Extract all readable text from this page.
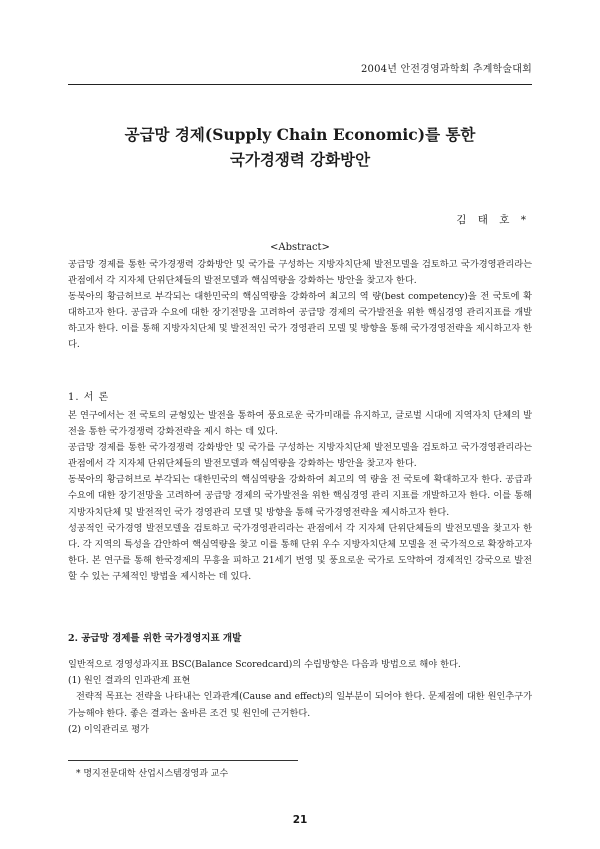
2004년 안전경영과학회 추계학술대회
공급망 경제(Supply Chain Economic)를 통한
국가경쟁력 강화방안
김 태 호 *
<Abstract>

공급망 경제를 통한 국가경쟁력 강화방안 및 국가를 구성하는 지방자치단체 발전모델을 검토하고 국가경영관리라는 관점에서 각 지자체 단위단체들의 발전모델과 핵심역량을 강화하는 방안을 찾고자 한다.

동북아의 황금허브로 부각되는 대한민국의 핵심역량을 강화하여 최고의 역 량(best competency)을 전 국토에 확대하고자 한다. 공급과 수요에 대한 장기전망을 고려하여 공급망 경제의 국가발전을 위한 핵심경영 관리지표를 개발하고자 한다. 이를 통해 지방자치단체 및 발전적인 국가 경영관리 모델 및 방향을 통해 국가경영전략을 제시하고자 한다.

1. 서 론

본 연구에서는 전 국토의 균형있는 발전을 통하여 풍요로운 국가미래를 유지하고, 글로벌 시대에 지역자치 단체의 발전을 통한 국가경쟁력 강화전략을 제시 하는 데 있다.

공급망 경제를 통한 국가경쟁력 강화방안 및 국가를 구성하는 지방자치단체 발전모델을 검토하고 국가경영관리라는 관점에서 각 지자체 단위단체들의 발전모델과 핵심역량을 강화하는 방안을 찾고자 한다.

동북아의 황금허브로 부각되는 대한민국의 핵심역량을 강화하여 최고의 역 량을 전 국토에 확대하고자 한다. 공급과 수요에 대한 장기전망을 고려하여 공급망 경제의 국가발전을 위한 핵심경영 관리 지표를 개발하고자 한다. 이를 통해 지방자치단체 및 발전적인 국가 경영관리 모델 및 방향을 통해 국가경영전략을 제시하고자 한다.

성공적인 국가경영 발전모델을 검토하고 국가경영관리라는 관점에서 각 지자체 단위단체들의 발전모델을 찾고자 한다. 각 지역의 특성을 감안하여 핵심역량을 찾고 이를 통해 단위 우수 지방자치단체 모델을 전 국가적으로 확장하고자 한다. 본 연구를 통해 한국경제의 무흥을 피하고 21세기 번영 및 풍요로운 국가로 도약하여 경제적인 강국으로 발전할 수 있는 구체적인 방법을 제시하는 데 있다.

2. 공급망 경제를 위한 국가경영지표 개발

일반적으로 경영성과지표 BSC(Balance Scoredcard)의 수립방향은 다음과 방법으로 해야 한다.

(1) 원인 결과의 인과관계 표현

전략적 목표는 전략을 나타내는 인과관계(Cause and effect)의 일부분이 되어야 한다. 문제점에 대한 원인추구가 가능해야 한다. 좋은 결과는 올바른 조건 및 원인에 근거한다.

(2) 이익관리로 평가

* 명지전문대학 산업시스템경영과 교수
21
